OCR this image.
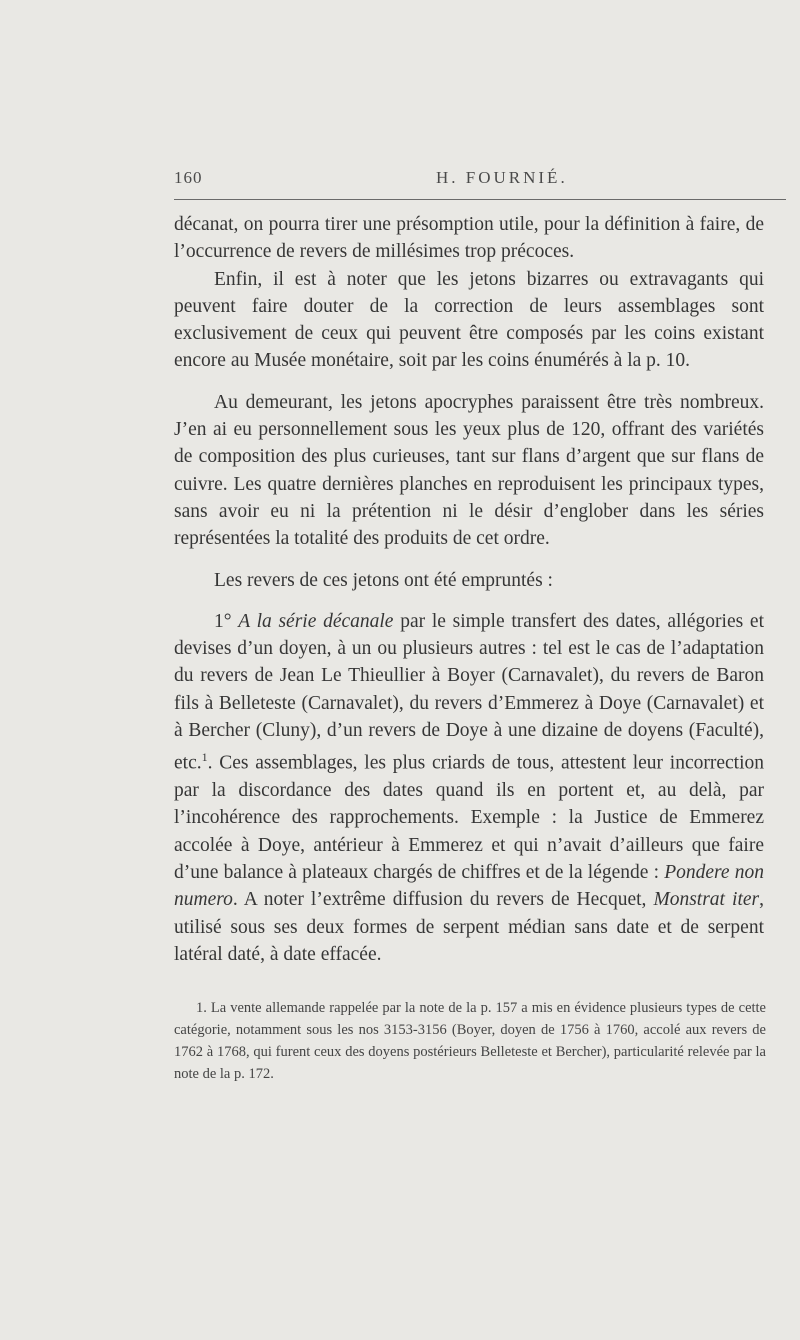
160	H. FOURNIÉ.

décanat, on pourra tirer une présomption utile, pour la définition à faire, de l’occurrence de revers de millésimes trop précoces.

Enfin, il est à noter que les jetons bizarres ou extravagants qui peuvent faire douter de la correction de leurs assemblages sont exclusivement de ceux qui peuvent être composés par les coins existant encore au Musée monétaire, soit par les coins énumérés à la p. 10.

Au demeurant, les jetons apocryphes paraissent être très nombreux. J’en ai eu personnellement sous les yeux plus de 120, offrant des variétés de composition des plus curieuses, tant sur flans d’argent que sur flans de cuivre. Les quatre dernières planches en reproduisent les principaux types, sans avoir eu ni la prétention ni le désir d’englober dans les séries représentées la totalité des produits de cet ordre.

Les revers de ces jetons ont été empruntés :

1° A la série décanale par le simple transfert des dates, allégories et devises d’un doyen, à un ou plusieurs autres : tel est le cas de l’adaptation du revers de Jean Le Thieullier à Boyer (Carnavalet), du revers de Baron fils à Belleteste (Carnavalet), du revers d’Emmerez à Doye (Carnavalet) et à Bercher (Cluny), d’un revers de Doye à une dizaine de doyens (Faculté), etc.$^1$. Ces assemblages, les plus criards de tous, attestent leur incorrection par la discordance des dates quand ils en portent et, au delà, par l’incohérence des rapprochements. Exemple : la Justice de Emmerez accolée à Doye, antérieur à Emmerez et qui n’avait d’ailleurs que faire d’une balance à plateaux chargés de chiffres et de la légende : Pondere non numero. A noter l’extrême diffusion du revers de Hecquet, Monstrat iter, utilisé sous ses deux formes de serpent médian sans date et de serpent latéral daté, à date effacée.

1. La vente allemande rappelée par la note de la p. 157 a mis en évidence plusieurs types de cette catégorie, notamment sous les nos 3153-3156 (Boyer, doyen de 1756 à 1760, accolé aux revers de 1762 à 1768, qui furent ceux des doyens postérieurs Belleteste et Bercher), particularité relevée par la note de la p. 172.
